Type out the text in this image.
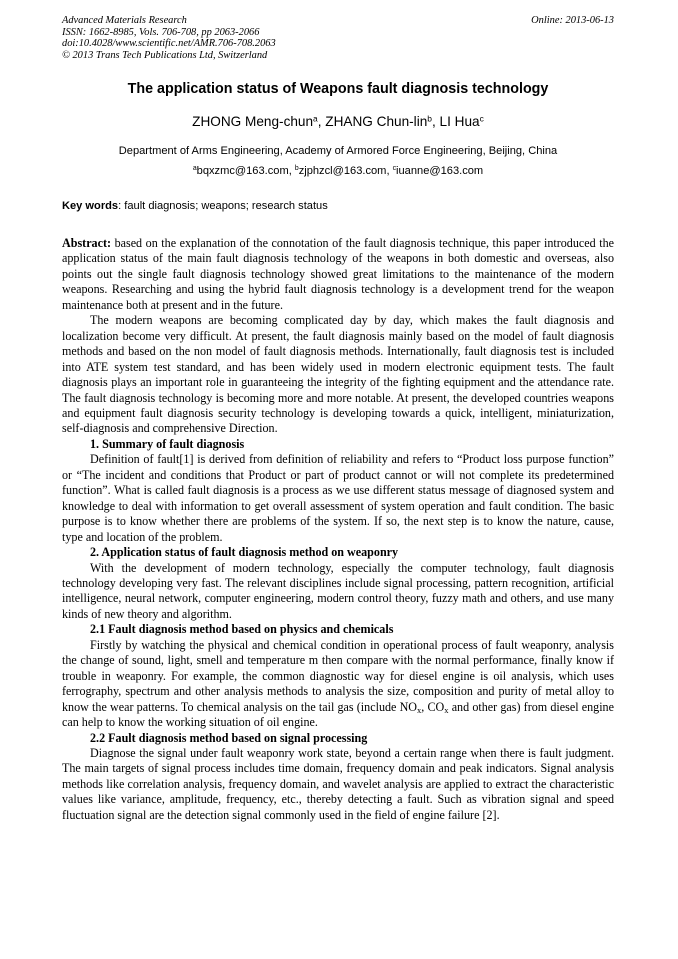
Advanced Materials Research
ISSN: 1662-8985, Vols. 706-708, pp 2063-2066
doi:10.4028/www.scientific.net/AMR.706-708.2063
© 2013 Trans Tech Publications Ltd, Switzerland
Online: 2013-06-13
The application status of Weapons fault diagnosis technology
ZHONG Meng-chun$^a$, ZHANG Chun-lin$^b$, LI Hua$^c$
Department of Arms Engineering, Academy of Armored Force Engineering, Beijing, China
$^a$bqxzmc@163.com, $^b$zjphzcl@163.com, $^c$iuanne@163.com
Key words: fault diagnosis; weapons; research status

Abstract: based on the explanation of the connotation of the fault diagnosis technique, this paper introduced the application status of the main fault diagnosis technology of the weapons in both domestic and overseas, also points out the single fault diagnosis technology showed great limitations to the maintenance of the modern weapons. Researching and using the hybrid fault diagnosis technology is a development trend for the weapon maintenance both at present and in the future.

The modern weapons are becoming complicated day by day, which makes the fault diagnosis and localization become very difficult. At present, the fault diagnosis mainly based on the model of fault diagnosis methods and based on the non model of fault diagnosis methods. Internationally, fault diagnosis test is included into ATE system test standard, and has been widely used in modern electronic equipment tests. The fault diagnosis plays an important role in guaranteeing the integrity of the fighting equipment and the attendance rate. The fault diagnosis technology is becoming more and more notable. At present, the developed countries weapons and equipment fault diagnosis security technology is developing towards a quick, intelligent, miniaturization, self-diagnosis and comprehensive Direction.

1. Summary of fault diagnosis

Definition of fault[1] is derived from definition of reliability and refers to “Product loss purpose function” or “The incident and conditions that Product or part of product cannot or will not complete its predetermined function”. What is called fault diagnosis is a process as we use different status message of diagnosed system and knowledge to deal with information to get overall assessment of system operation and fault condition. The basic purpose is to know whether there are problems of the system. If so, the next step is to know the nature, cause, type and location of the problem.

2. Application status of fault diagnosis method on weaponry

With the development of modern technology, especially the computer technology, fault diagnosis technology developing very fast. The relevant disciplines include signal processing, pattern recognition, artificial intelligence, neural network, computer engineering, modern control theory, fuzzy math and others, and use many kinds of new theory and algorithm.

2.1 Fault diagnosis method based on physics and chemicals

Firstly by watching the physical and chemical condition in operational process of fault weaponry, analysis the change of sound, light, smell and temperature m then compare with the normal performance, finally know if trouble in weaponry. For example, the common diagnostic way for diesel engine is oil analysis, which uses ferrography, spectrum and other analysis methods to analysis the size, composition and purity of metal alloy to know the wear patterns. To chemical analysis on the tail gas (include $NO_x$, $CO_x$ and other gas) from diesel engine can help to know the working situation of oil engine.

2.2 Fault diagnosis method based on signal processing

Diagnose the signal under fault weaponry work state, beyond a certain range when there is fault judgment. The main targets of signal process includes time domain, frequency domain and peak indicators. Signal analysis methods like correlation analysis, frequency domain, and wavelet analysis are applied to extract the characteristic values like variance, amplitude, frequency, etc., thereby detecting a fault. Such as vibration signal and speed fluctuation signal are the detection signal commonly used in the field of engine failure [2].
